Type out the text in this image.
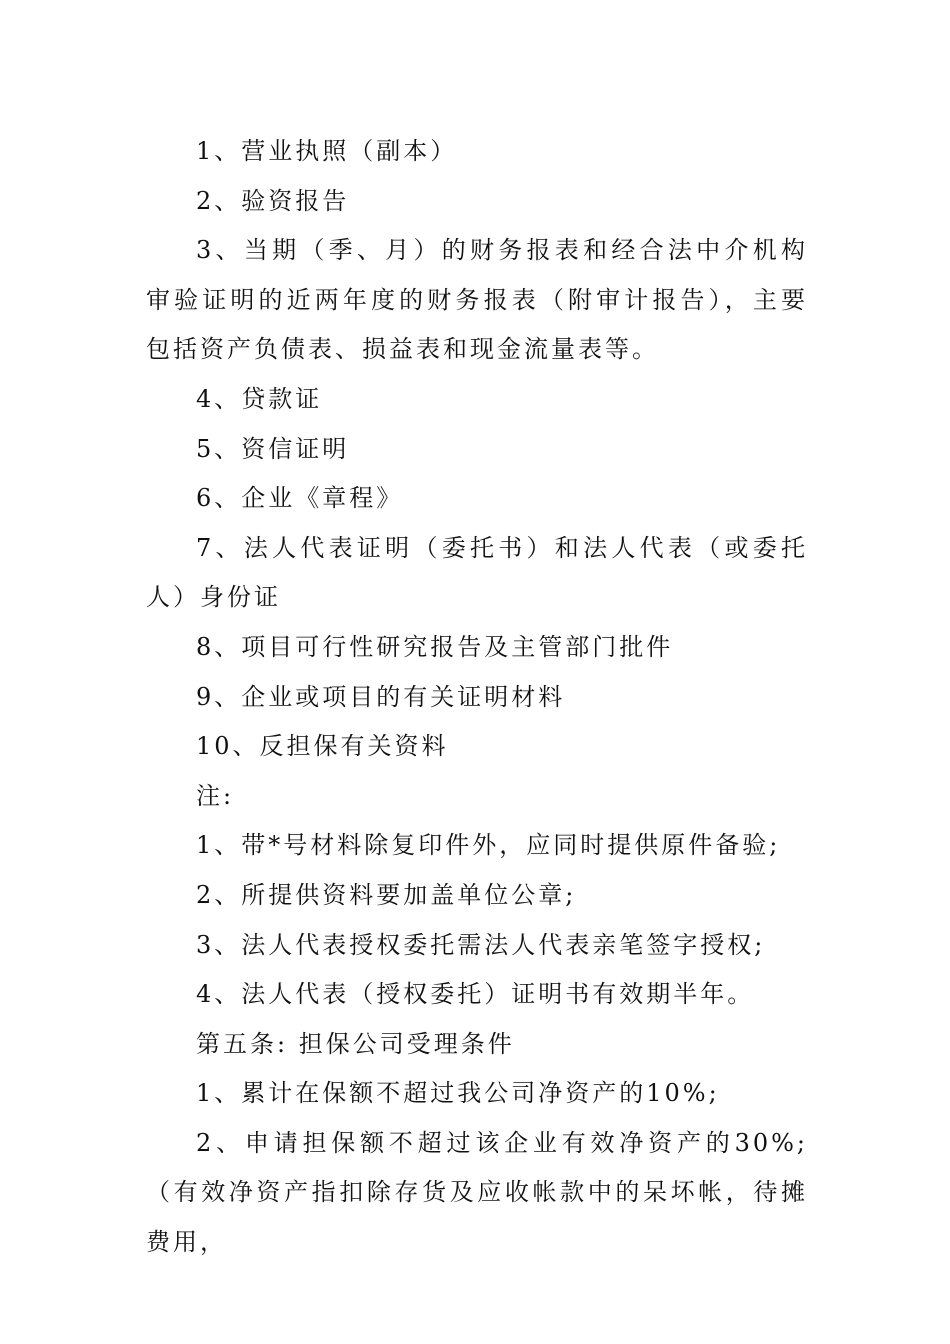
1、营业执照（副本）

2、验资报告

3、当期（季、月）的财务报表和经合法中介机构审验证明的近两年度的财务报表（附审计报告），主要包括资产负债表、损益表和现金流量表等。

4、贷款证

5、资信证明

6、企业《章程》

7、法人代表证明（委托书）和法人代表（或委托人）身份证

8、项目可行性研究报告及主管部门批件

9、企业或项目的有关证明材料

10、反担保有关资料

注:

1、带*号材料除复印件外，应同时提供原件备验;

2、所提供资料要加盖单位公章;

3、法人代表授权委托需法人代表亲笔签字授权;

4、法人代表（授权委托）证明书有效期半年。

第五条: 担保公司受理条件

1、累计在保额不超过我公司净资产的10%;

2、申请担保额不超过该企业有效净资产的30%; （有效净资产指扣除存货及应收帐款中的呆坏帐，待摊费用，
